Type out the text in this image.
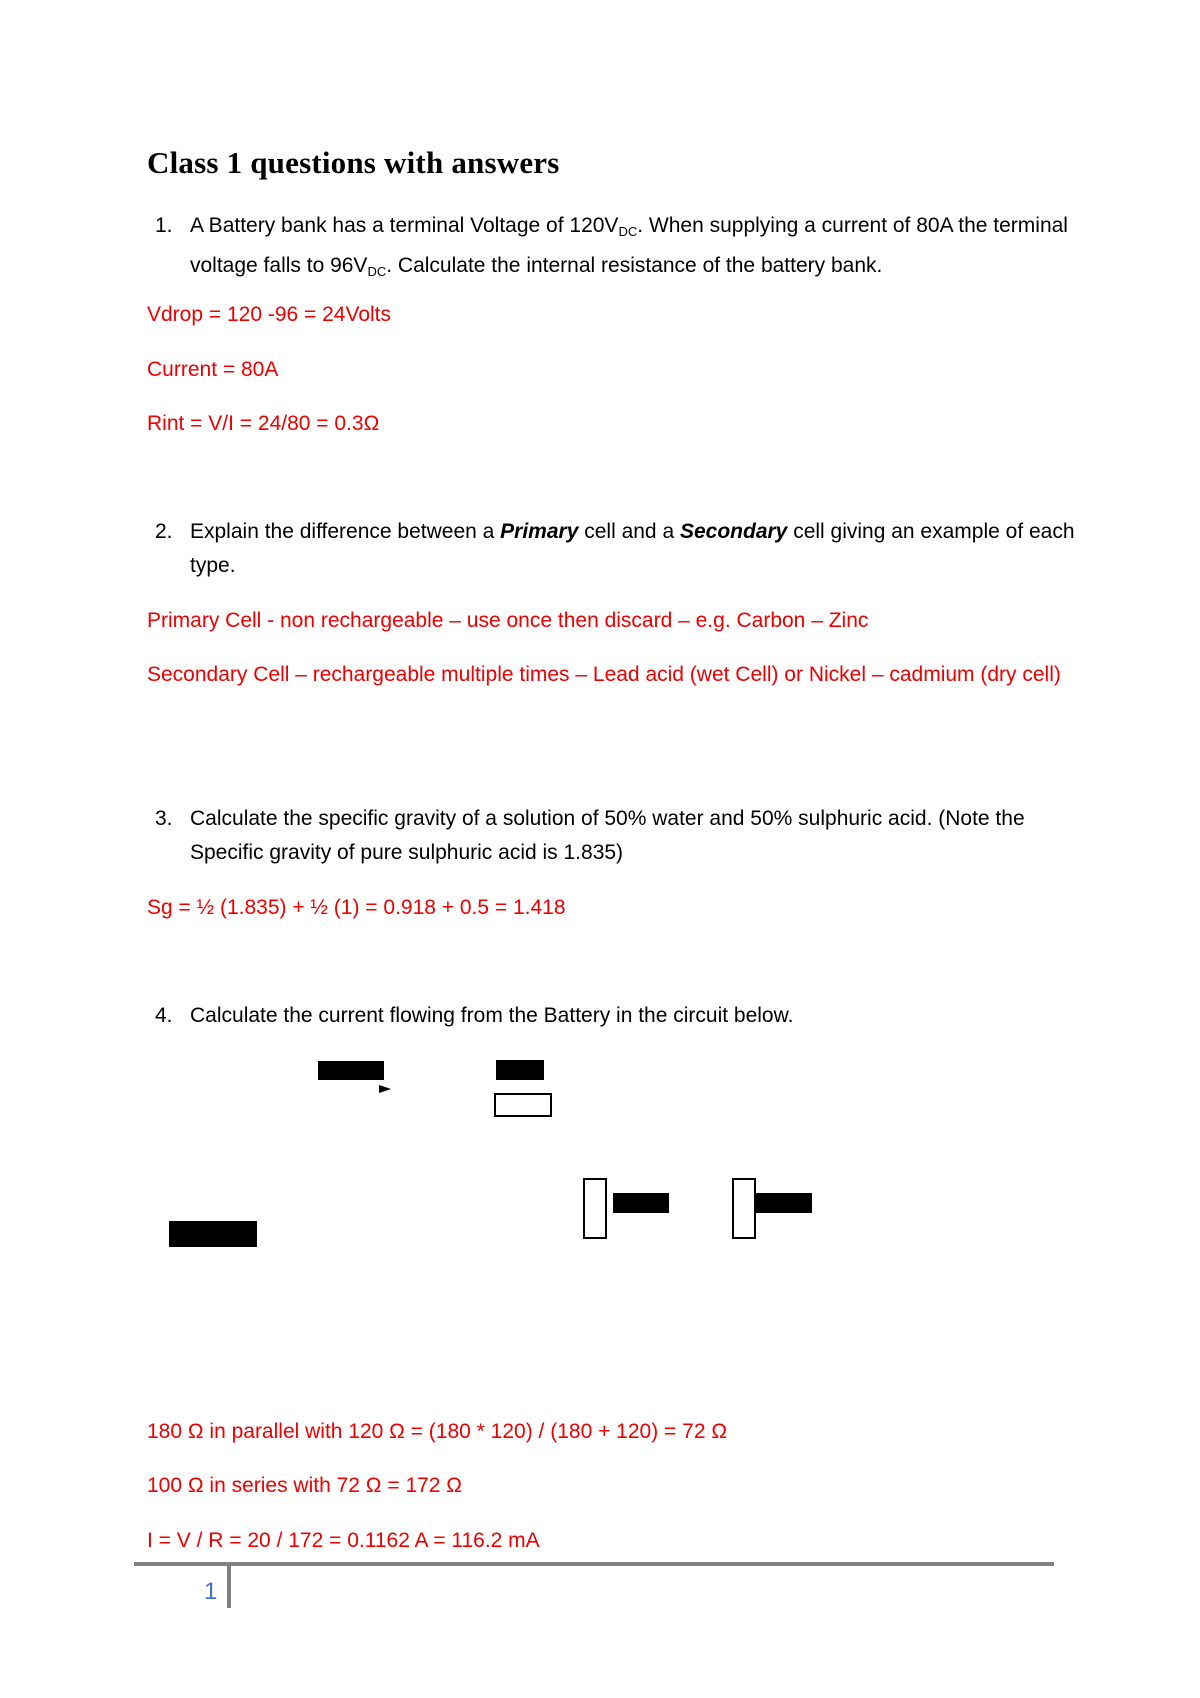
Class 1 questions with answers
1. A Battery bank has a terminal Voltage of $120V_{DC}$. When supplying a current of 80A the terminal voltage falls to $96V_{DC}$. Calculate the internal resistance of the battery bank.
Vdrop = 120 -96 = 24Volts
Current = 80A
Rint = V/I = 24/80 = 0.3Ω
2. Explain the difference between a Primary cell and a Secondary cell giving an example of each type.
Primary Cell - non rechargeable – use once then discard – e.g. Carbon – Zinc
Secondary Cell – rechargeable multiple times – Lead acid (wet Cell) or Nickel – cadmium (dry cell)
3. Calculate the specific gravity of a solution of 50% water and 50% sulphuric acid. (Note the Specific gravity of pure sulphuric acid is 1.835)
Sg = ½ (1.835) + ½ (1) = 0.918 + 0.5 = 1.418
4. Calculate the current flowing from the Battery in the circuit below.
180 Ω in parallel with 120 Ω = (180 * 120) / (180 + 120) = 72 Ω
100 Ω in series with 72 Ω = 172 Ω
I = V / R = 20 / 172 = 0.1162 A = 116.2 mA
1
